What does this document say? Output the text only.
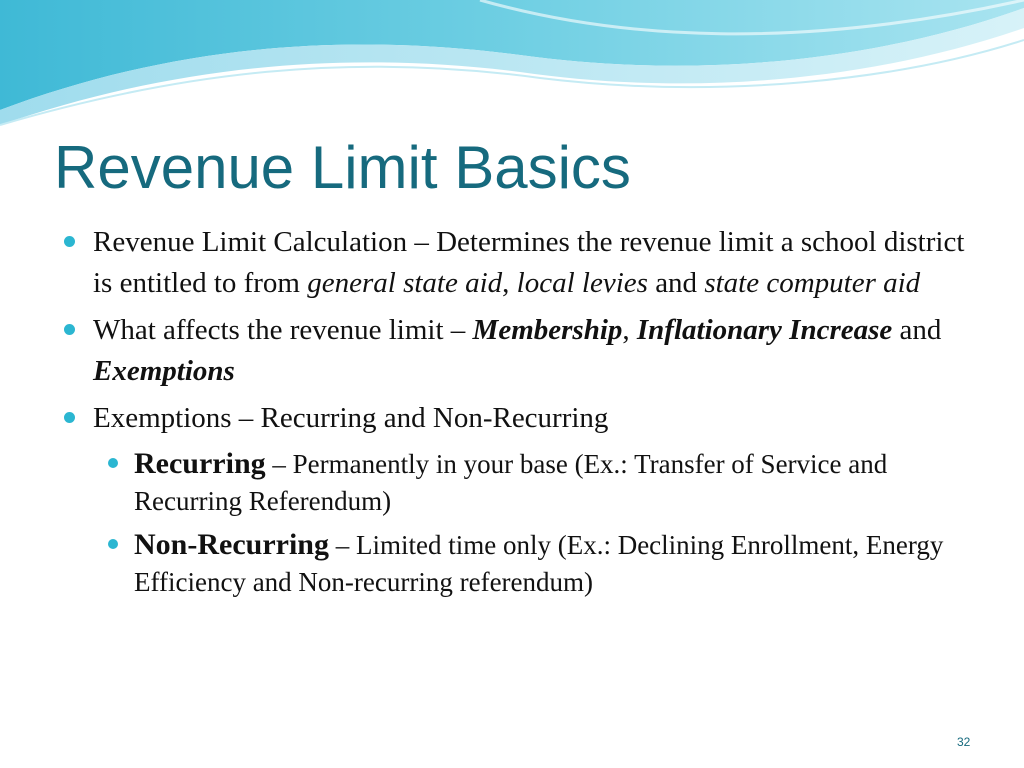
Revenue Limit Basics
Revenue Limit Calculation – Determines the revenue limit a school district is entitled to from general state aid, local levies and state computer aid
What affects the revenue limit – Membership, Inflationary Increase and Exemptions
Exemptions – Recurring and Non-Recurring
Recurring – Permanently in your base (Ex.: Transfer of Service and Recurring Referendum)
Non-Recurring – Limited time only (Ex.: Declining Enrollment, Energy Efficiency and Non-recurring referendum)
32
